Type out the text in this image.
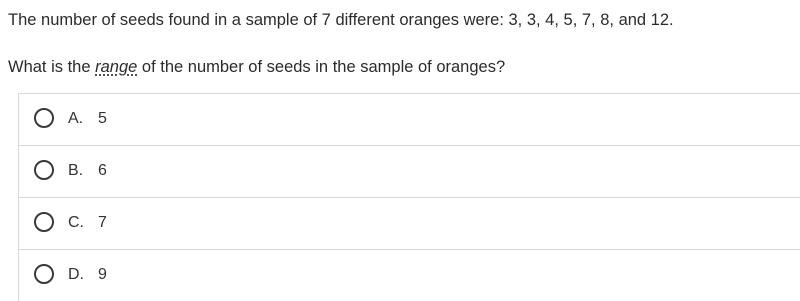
The number of seeds found in a sample of 7 different oranges were: 3, 3, 4, 5, 7, 8, and 12.
What is the range of the number of seeds in the sample of oranges?
A. 5
B. 6
C. 7
D. 9
